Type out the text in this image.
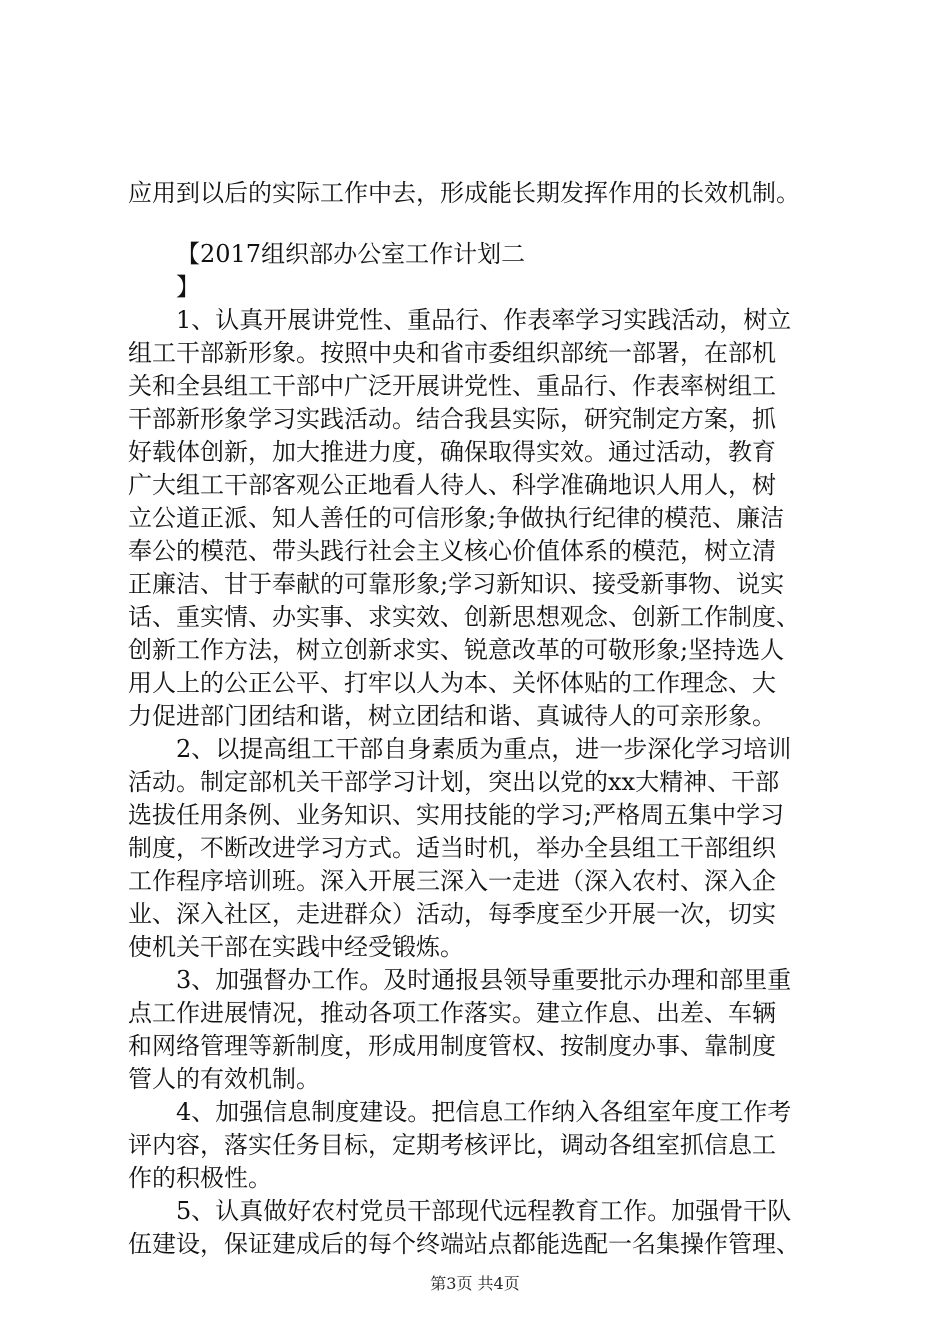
应用到以后的实际工作中去，形成能长期发挥作用的长效机制。
【2017组织部办公室工作计划二
】
1、认真开展讲党性、重品行、作表率学习实践活动，树立
组工干部新形象。按照中央和省市委组织部统一部署，在部机
关和全县组工干部中广泛开展讲党性、重品行、作表率树组工
干部新形象学习实践活动。结合我县实际，研究制定方案，抓
好载体创新，加大推进力度，确保取得实效。通过活动，教育
广大组工干部客观公正地看人待人、科学准确地识人用人，树
立公道正派、知人善任的可信形象;争做执行纪律的模范、廉洁
奉公的模范、带头践行社会主义核心价值体系的模范，树立清
正廉洁、甘于奉献的可靠形象;学习新知识、接受新事物、说实
话、重实情、办实事、求实效、创新思想观念、创新工作制度、
创新工作方法，树立创新求实、锐意改革的可敬形象;坚持选人
用人上的公正公平、打牢以人为本、关怀体贴的工作理念、大
力促进部门团结和谐，树立团结和谐、真诚待人的可亲形象。
2、以提高组工干部自身素质为重点，进一步深化学习培训
活动。制定部机关干部学习计划，突出以党的xx大精神、干部
选拔任用条例、业务知识、实用技能的学习;严格周五集中学习
制度，不断改进学习方式。适当时机，举办全县组工干部组织
工作程序培训班。深入开展三深入一走进（深入农村、深入企
业、深入社区，走进群众）活动，每季度至少开展一次，切实
使机关干部在实践中经受锻炼。
3、加强督办工作。及时通报县领导重要批示办理和部里重
点工作进展情况，推动各项工作落实。建立作息、出差、车辆
和网络管理等新制度，形成用制度管权、按制度办事、靠制度
管人的有效机制。
4、加强信息制度建设。把信息工作纳入各组室年度工作考
评内容，落实任务目标，定期考核评比，调动各组室抓信息工
作的积极性。
5、认真做好农村党员干部现代远程教育工作。加强骨干队
伍建设，保证建成后的每个终端站点都能选配一名集操作管理、
第3页 共4页
